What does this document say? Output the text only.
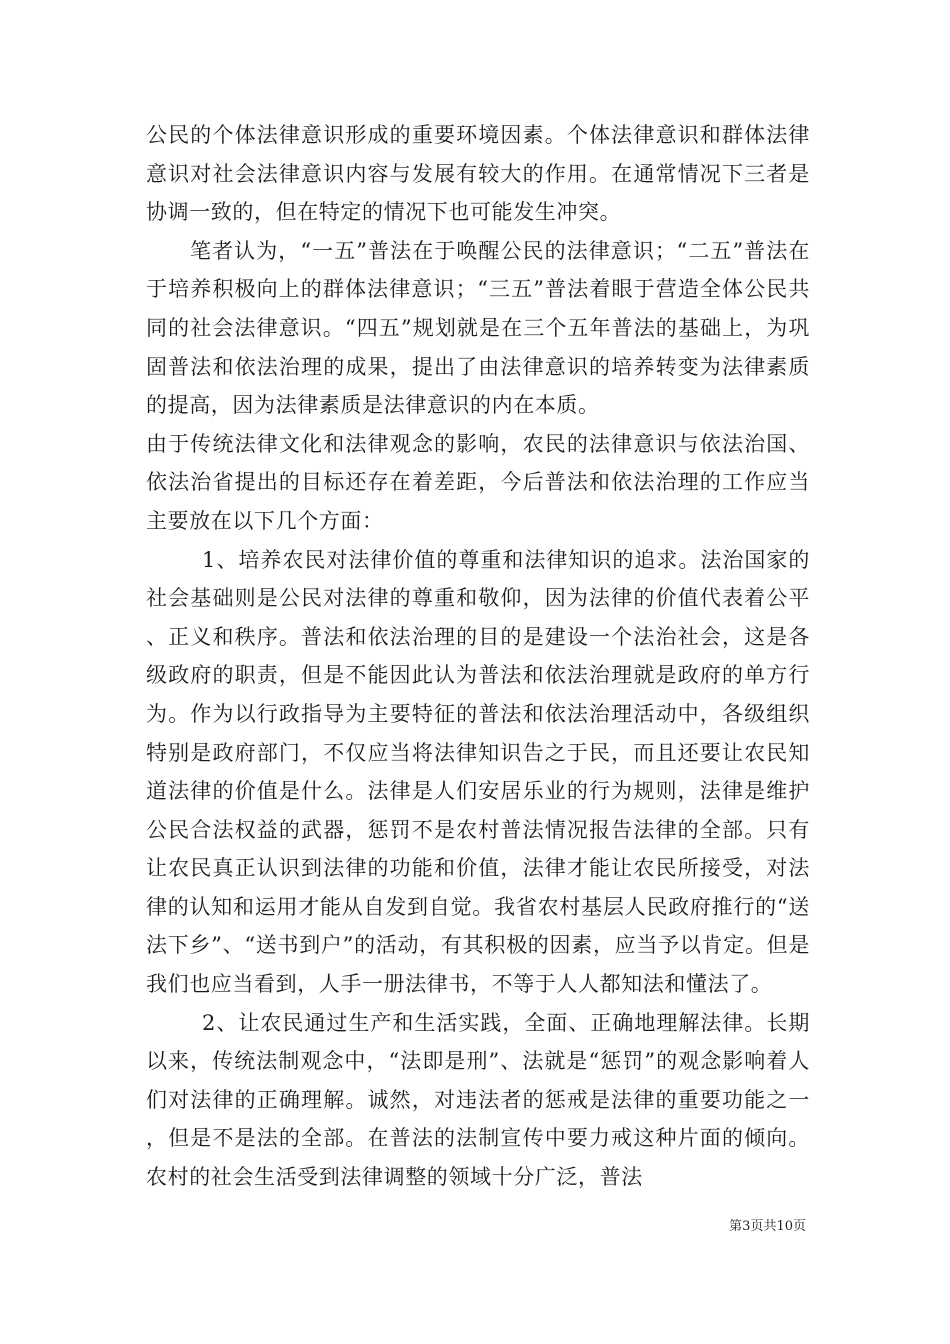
公民的个体法律意识形成的重要环境因素。个体法律意识和群体法律意识对社会法律意识内容与发展有较大的作用。在通常情况下三者是协调一致的，但在特定的情况下也可能发生冲突。

笔者认为，“一五”普法在于唤醒公民的法律意识；“二五”普法在于培养积极向上的群体法律意识；“三五”普法着眼于营造全体公民共同的社会法律意识。“四五”规划就是在三个五年普法的基础上，为巩固普法和依法治理的成果，提出了由法律意识的培养转变为法律素质的提高，因为法律素质是法律意识的内在本质。

由于传统法律文化和法律观念的影响，农民的法律意识与依法治国、依法治省提出的目标还存在着差距，今后普法和依法治理的工作应当主要放在以下几个方面：

1、培养农民对法律价值的尊重和法律知识的追求。法治国家的社会基础则是公民对法律的尊重和敬仰，因为法律的价值代表着公平、正义和秩序。普法和依法治理的目的是建设一个法治社会，这是各级政府的职责，但是不能因此认为普法和依法治理就是政府的单方行为。作为以行政指导为主要特征的普法和依法治理活动中，各级组织特别是政府部门，不仅应当将法律知识告之于民，而且还要让农民知道法律的价值是什么。法律是人们安居乐业的行为规则，法律是维护公民合法权益的武器，惩罚不是农村普法情况报告法律的全部。只有让农民真正认识到法律的功能和价值，法律才能让农民所接受，对法律的认知和运用才能从自发到自觉。我省农村基层人民政府推行的“送法下乡”、“送书到户”的活动，有其积极的因素，应当予以肯定。但是我们也应当看到，人手一册法律书，不等于人人都知法和懂法了。

2、让农民通过生产和生活实践，全面、正确地理解法律。长期以来，传统法制观念中，“法即是刑”、法就是“惩罚”的观念影响着人们对法律的正确理解。诚然，对违法者的惩戒是法律的重要功能之一，但是不是法的全部。在普法的法制宣传中要力戒这种片面的倾向。农村的社会生活受到法律调整的领域十分广泛，普法

第3页共10页
